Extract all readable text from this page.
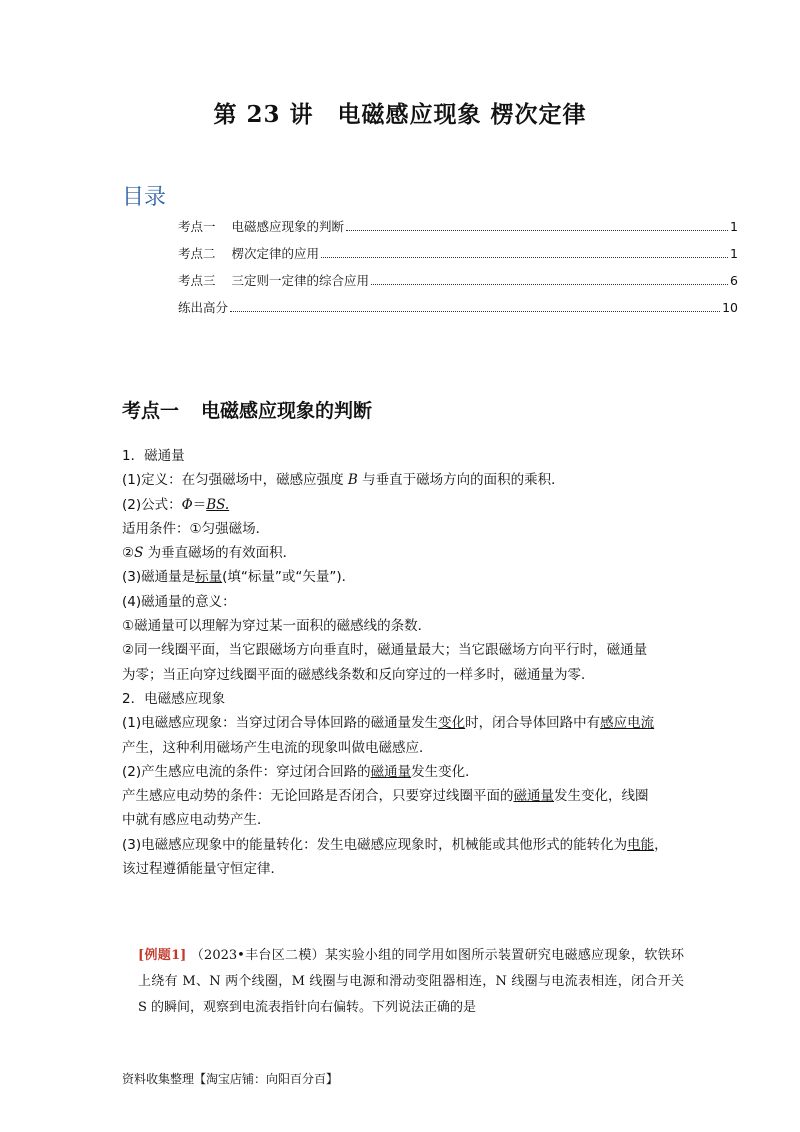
第 23 讲　电磁感应现象 楞次定律
目录
考点一 电磁感应现象的判断	1
考点二 楞次定律的应用	1
考点三 三定则一定律的综合应用	6
练出高分	10
考点一 电磁感应现象的判断

1．磁通量

(1)定义：在匀强磁场中，磁感应强度 B 与垂直于磁场方向的面积的乘积．

(2)公式：Φ＝BS.

适用条件：①匀强磁场．

②S 为垂直磁场的有效面积．

(3)磁通量是标量(填“标量”或“矢量”)．

(4)磁通量的意义：

①磁通量可以理解为穿过某一面积的磁感线的条数．

②同一线圈平面，当它跟磁场方向垂直时，磁通量最大；当它跟磁场方向平行时，磁通量

为零；当正向穿过线圈平面的磁感线条数和反向穿过的一样多时，磁通量为零．

2．电磁感应现象

(1)电磁感应现象：当穿过闭合导体回路的磁通量发生变化时，闭合导体回路中有感应电流

产生，这种利用磁场产生电流的现象叫做电磁感应．

(2)产生感应电流的条件：穿过闭合回路的磁通量发生变化．

产生感应电动势的条件：无论回路是否闭合，只要穿过线圈平面的磁通量发生变化，线圈

中就有感应电动势产生．

(3)电磁感应现象中的能量转化：发生电磁感应现象时，机械能或其他形式的能转化为电能，

该过程遵循能量守恒定律．

[例题1] （2023•丰台区二模）某实验小组的同学用如图所示装置研究电磁感应现象，软铁环上绕有 M、N 两个线圈，M 线圈与电源和滑动变阻器相连，N 线圈与电流表相连，闭合开关 S 的瞬间，观察到电流表指针向右偏转。下列说法正确的是
资料收集整理【淘宝店铺：向阳百分百】
